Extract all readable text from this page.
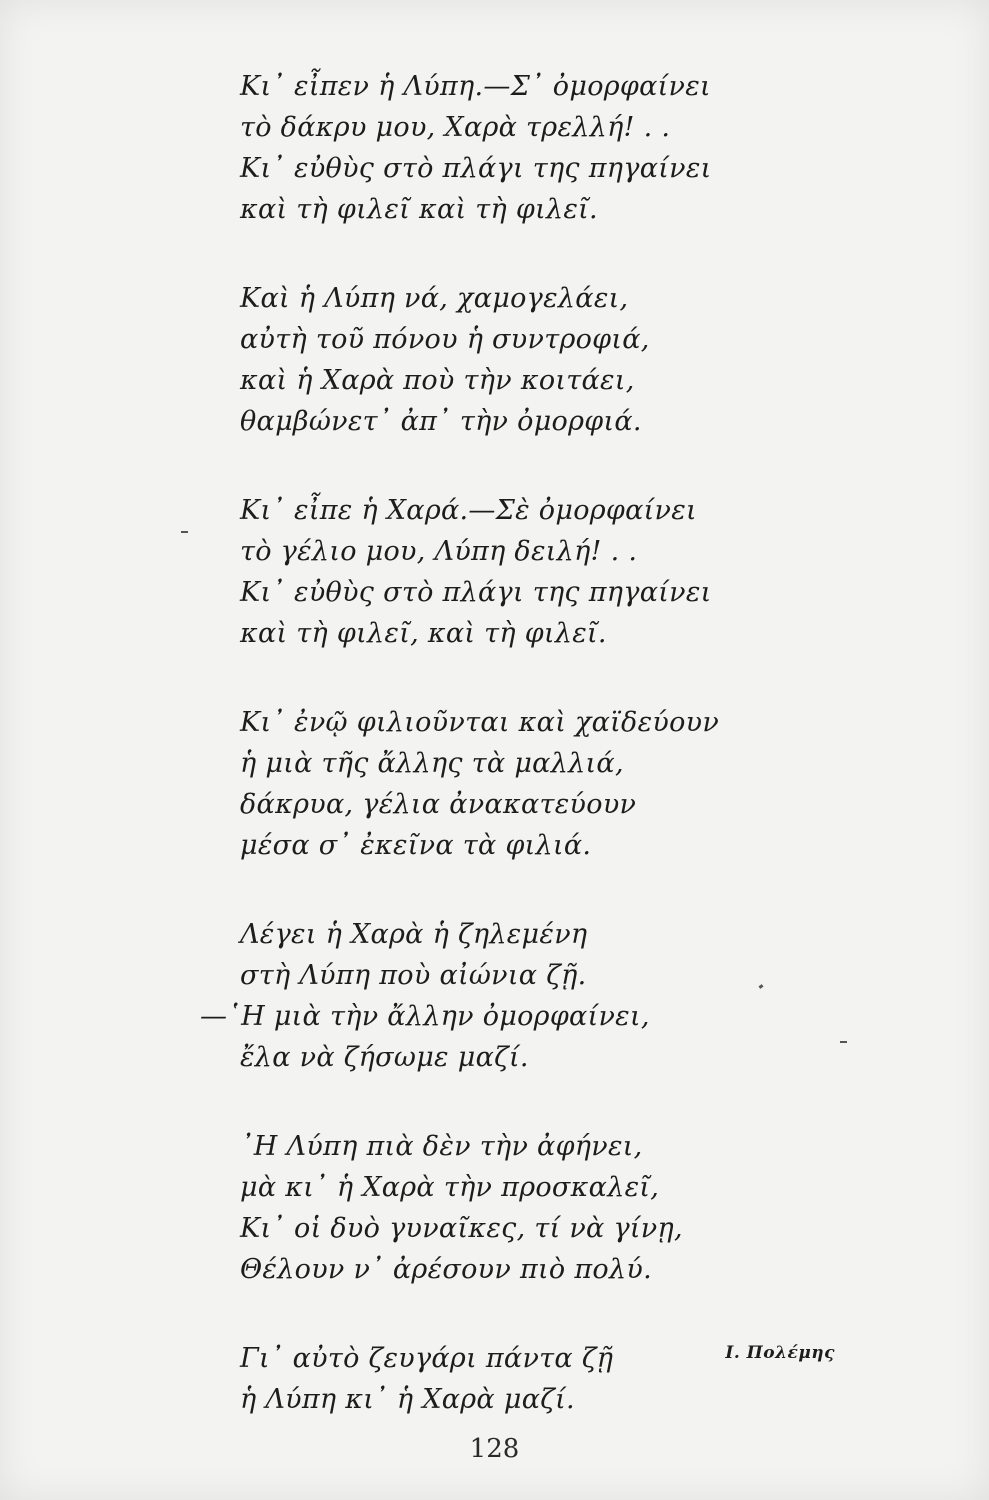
Κι᾿ εἶπεν ἡ Λύπη.—Σ᾿ ὀμορφαίνει
τὸ δάκρυ μου, Χαρὰ τρελλή! . .
Κι᾿ εὐθὺς στὸ πλάγι της πηγαίνει
καὶ τὴ φιλεῖ καὶ τὴ φιλεῖ.
Καὶ ἡ Λύπη νά, χαμογελάει,
αὐτὴ τοῦ πόνου ἡ συντροφιά,
καὶ ἡ Χαρὰ ποὺ τὴν κοιτάει,
θαμβώνετ᾿ ἀπ᾿ τὴν ὀμορφιά.
Κι᾿ εἶπε ἡ Χαρά.—Σὲ ὀμορφαίνει
τὸ γέλιο μου, Λύπη δειλή! . .
Κι᾿ εὐθὺς στὸ πλάγι της πηγαίνει
καὶ τὴ φιλεῖ, καὶ τὴ φιλεῖ.
Κι᾿ ἐνῷ φιλιοῦνται καὶ χαϊδεύουν
ἡ μιὰ τῆς ἄλλης τὰ μαλλιά,
δάκρυα, γέλια ἀνακατεύουν
μέσα σ᾿ ἐκεῖνα τὰ φιλιά.
Λέγει ἡ Χαρὰ ἡ ζηλεμένη
στὴ Λύπη ποὺ αἰώνια ζῇ.
—῾Η μιὰ τὴν ἄλλην ὀμορφαίνει,
ἔλα νὰ ζήσωμε μαζί.
᾿Η Λύπη πιὰ δὲν τὴν ἀφήνει,
μὰ κι᾿ ἡ Χαρὰ τὴν προσκαλεῖ,
Κι᾿ οἱ δυὸ γυναῖκες, τί νὰ γίνῃ,
Θέλουν ν᾿ ἀρέσουν πιὸ πολύ.
Γι᾿ αὐτὸ ζευγάρι πάντα ζῇ
ἡ Λύπη κι᾿ ἡ Χαρὰ μαζί.
Ι. Πολέμης
128
